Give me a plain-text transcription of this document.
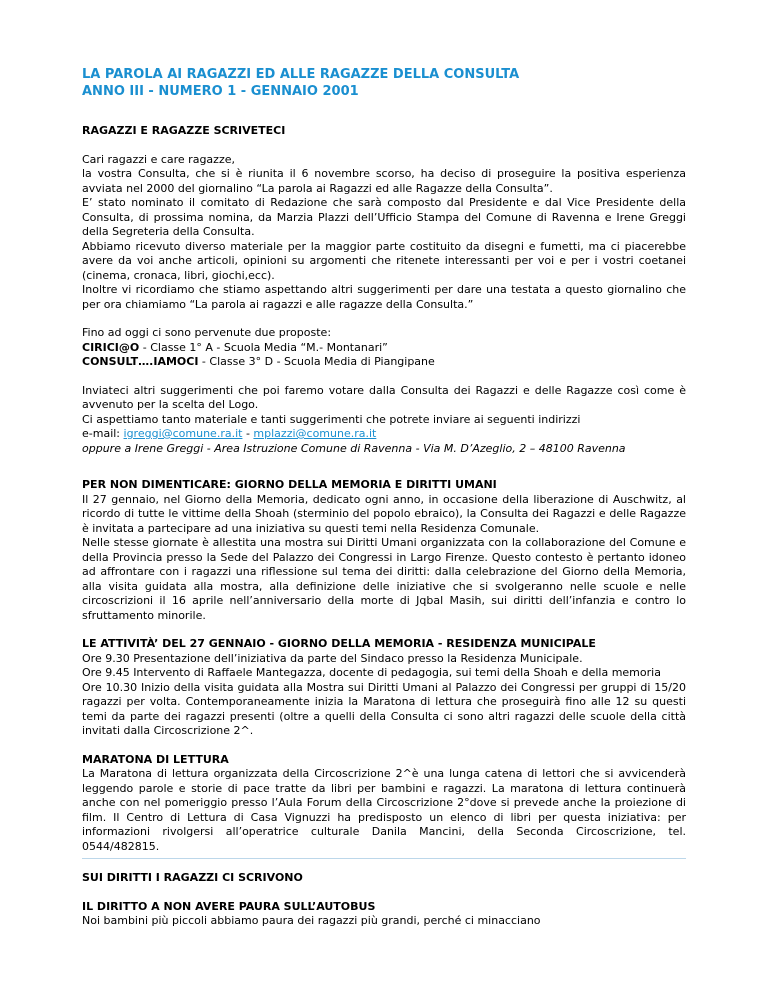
LA PAROLA AI RAGAZZI ED ALLE RAGAZZE DELLA CONSULTA

ANNO III - NUMERO 1 - GENNAIO 2001

RAGAZZI E RAGAZZE SCRIVETECI

Cari ragazzi e care ragazze,

la vostra Consulta, che si è riunita il 6 novembre scorso, ha deciso di proseguire la positiva esperienza avviata nel 2000 del giornalino “La parola ai Ragazzi ed alle Ragazze della Consulta”.

E’ stato nominato il comitato di Redazione che sarà composto dal Presidente e dal Vice Presidente della Consulta, di prossima nomina, da Marzia Plazzi dell’Ufficio Stampa del Comune di Ravenna e Irene Greggi della Segreteria della Consulta.

Abbiamo ricevuto diverso materiale per la maggior parte costituito da disegni e fumetti, ma ci piacerebbe avere da voi anche articoli, opinioni su argomenti che ritenete interessanti per voi e per i vostri coetanei (cinema, cronaca, libri, giochi,ecc).

Inoltre vi ricordiamo che stiamo aspettando altri suggerimenti per dare una testata a questo giornalino che per ora chiamiamo “La parola ai ragazzi e alle ragazze della Consulta.”

Fino ad oggi ci sono pervenute due proposte:

CIRICI@O - Classe 1° A - Scuola Media “M.- Montanari”

CONSULT….IAMOCI - Classe 3° D - Scuola Media di Piangipane

Inviateci altri suggerimenti che poi faremo votare dalla Consulta dei Ragazzi e delle Ragazze così come è avvenuto per la scelta del Logo.

Ci aspettiamo tanto materiale e tanti suggerimenti che potrete inviare ai seguenti indirizzi

e-mail: igreggi@comune.ra.it - mplazzi@comune.ra.it

oppure a Irene Greggi - Area Istruzione Comune di Ravenna - Via M. D’Azeglio, 2 – 48100 Ravenna

PER NON DIMENTICARE: GIORNO DELLA MEMORIA E DIRITTI UMANI

Il 27 gennaio, nel Giorno della Memoria, dedicato ogni anno, in occasione della liberazione di Auschwitz, al ricordo di tutte le vittime della Shoah (sterminio del popolo ebraico), la Consulta dei Ragazzi e delle Ragazze è invitata a partecipare ad una iniziativa su questi temi nella Residenza Comunale.

Nelle stesse giornate è allestita una mostra sui Diritti Umani organizzata con la collaborazione del Comune e della Provincia presso la Sede del Palazzo dei Congressi in Largo Firenze. Questo contesto è pertanto idoneo ad affrontare con i ragazzi una riflessione sul tema dei diritti: dalla celebrazione del Giorno della Memoria, alla visita guidata alla mostra, alla definizione delle iniziative che si svolgeranno nelle scuole e nelle circoscrizioni il 16 aprile nell’anniversario della morte di Jqbal Masih, sui diritti dell’infanzia e contro lo sfruttamento minorile.

LE ATTIVITÀ’ DEL 27 GENNAIO - GIORNO DELLA MEMORIA - RESIDENZA MUNICIPALE

Ore 9.30 Presentazione dell’iniziativa da parte del Sindaco presso la Residenza Municipale.

Ore 9.45 Intervento di Raffaele Mantegazza, docente di pedagogia, sui temi della Shoah e della memoria

Ore 10.30 Inizio della visita guidata alla Mostra sui Diritti Umani al Palazzo dei Congressi per gruppi di 15/20 ragazzi per volta. Contemporaneamente inizia la Maratona di lettura che proseguirà fino alle 12 su questi temi da parte dei ragazzi presenti (oltre a quelli della Consulta ci sono altri ragazzi delle scuole della città invitati dalla Circoscrizione 2^.

MARATONA DI LETTURA

La Maratona di lettura organizzata della Circoscrizione 2^è una lunga catena di lettori che si avvicenderà leggendo parole e storie di pace tratte da libri per bambini e ragazzi. La maratona di lettura continuerà anche con nel pomeriggio presso l’Aula Forum della Circoscrizione 2°dove si prevede anche la proiezione di film. Il Centro di Lettura di Casa Vignuzzi ha predisposto un elenco di libri per questa iniziativa: per informazioni rivolgersi all’operatrice culturale Danila Mancini, della Seconda Circoscrizione, tel. 0544/482815.

SUI DIRITTI I RAGAZZI CI SCRIVONO
IL DIRITTO A NON AVERE PAURA SULL’AUTOBUS

Noi bambini più piccoli abbiamo paura dei ragazzi più grandi, perché ci minacciano
